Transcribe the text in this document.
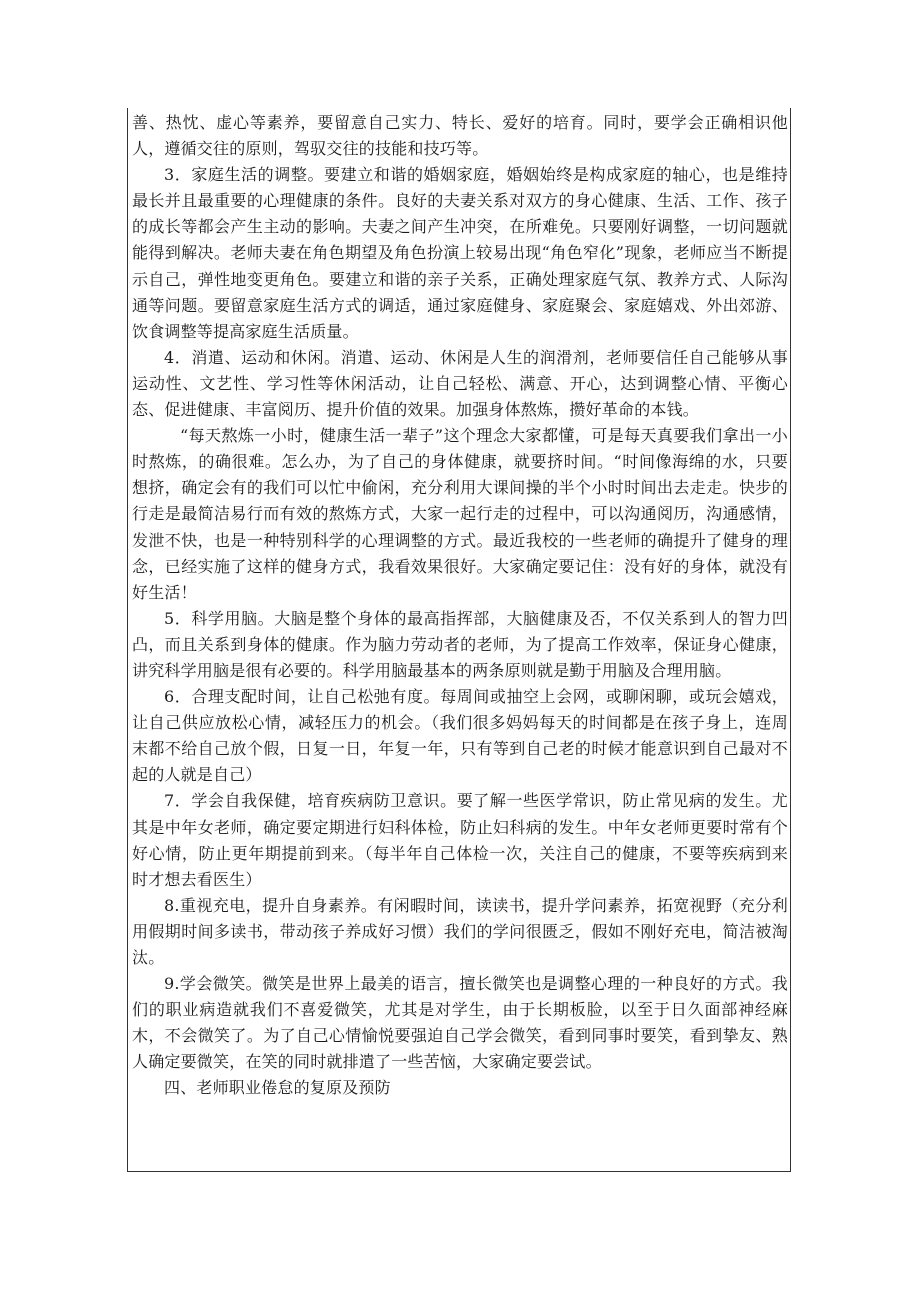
善、热忱、虚心等素养，要留意自己实力、特长、爱好的培育。同时，要学会正确相识他人，遵循交往的原则，驾驭交往的技能和技巧等。

3．家庭生活的调整。要建立和谐的婚姻家庭，婚姻始终是构成家庭的轴心，也是维持最长并且最重要的心理健康的条件。良好的夫妻关系对双方的身心健康、生活、工作、孩子的成长等都会产生主动的影响。夫妻之间产生冲突，在所难免。只要刚好调整，一切问题就能得到解决。老师夫妻在角色期望及角色扮演上较易出现“角色窄化”现象，老师应当不断提示自己，弹性地变更角色。要建立和谐的亲子关系，正确处理家庭气氛、教养方式、人际沟通等问题。要留意家庭生活方式的调适，通过家庭健身、家庭聚会、家庭嬉戏、外出郊游、饮食调整等提高家庭生活质量。

4．消遣、运动和休闲。消遣、运动、休闲是人生的润滑剂，老师要信任自己能够从事运动性、文艺性、学习性等休闲活动，让自己轻松、满意、开心，达到调整心情、平衡心态、促进健康、丰富阅历、提升价值的效果。加强身体熬炼，攒好革命的本钱。

“每天熬炼一小时，健康生活一辈子”这个理念大家都懂，可是每天真要我们拿出一小时熬炼，的确很难。怎么办，为了自己的身体健康，就要挤时间。“时间像海绵的水，只要想挤，确定会有的我们可以忙中偷闲，充分利用大课间操的半个小时时间出去走走。快步的行走是最简洁易行而有效的熬炼方式，大家一起行走的过程中，可以沟通阅历，沟通感情，发泄不快，也是一种特别科学的心理调整的方式。最近我校的一些老师的确提升了健身的理念，已经实施了这样的健身方式，我看效果很好。大家确定要记住：没有好的身体，就没有好生活！

5．科学用脑。大脑是整个身体的最高指挥部，大脑健康及否，不仅关系到人的智力凹凸，而且关系到身体的健康。作为脑力劳动者的老师，为了提高工作效率，保证身心健康，讲究科学用脑是很有必要的。科学用脑最基本的两条原则就是勤于用脑及合理用脑。

6．合理支配时间，让自己松弛有度。每周间或抽空上会网，或聊闲聊，或玩会嬉戏，让自己供应放松心情，减轻压力的机会。（我们很多妈妈每天的时间都是在孩子身上，连周末都不给自己放个假，日复一日，年复一年，只有等到自己老的时候才能意识到自己最对不起的人就是自己）

7．学会自我保健，培育疾病防卫意识。要了解一些医学常识，防止常见病的发生。尤其是中年女老师，确定要定期进行妇科体检，防止妇科病的发生。中年女老师更要时常有个好心情，防止更年期提前到来。（每半年自己体检一次，关注自己的健康，不要等疾病到来时才想去看医生）

8.重视充电，提升自身素养。有闲暇时间，读读书，提升学问素养，拓宽视野（充分利用假期时间多读书，带动孩子养成好习惯）我们的学问很匮乏，假如不刚好充电，简洁被淘汰。

9.学会微笑。微笑是世界上最美的语言，擅长微笑也是调整心理的一种良好的方式。我们的职业病造就我们不喜爱微笑，尤其是对学生，由于长期板脸，以至于日久面部神经麻木，不会微笑了。为了自己心情愉悦要强迫自己学会微笑，看到同事时要笑，看到挚友、熟人确定要微笑，在笑的同时就排遣了一些苦恼，大家确定要尝试。

四、老师职业倦怠的复原及预防
